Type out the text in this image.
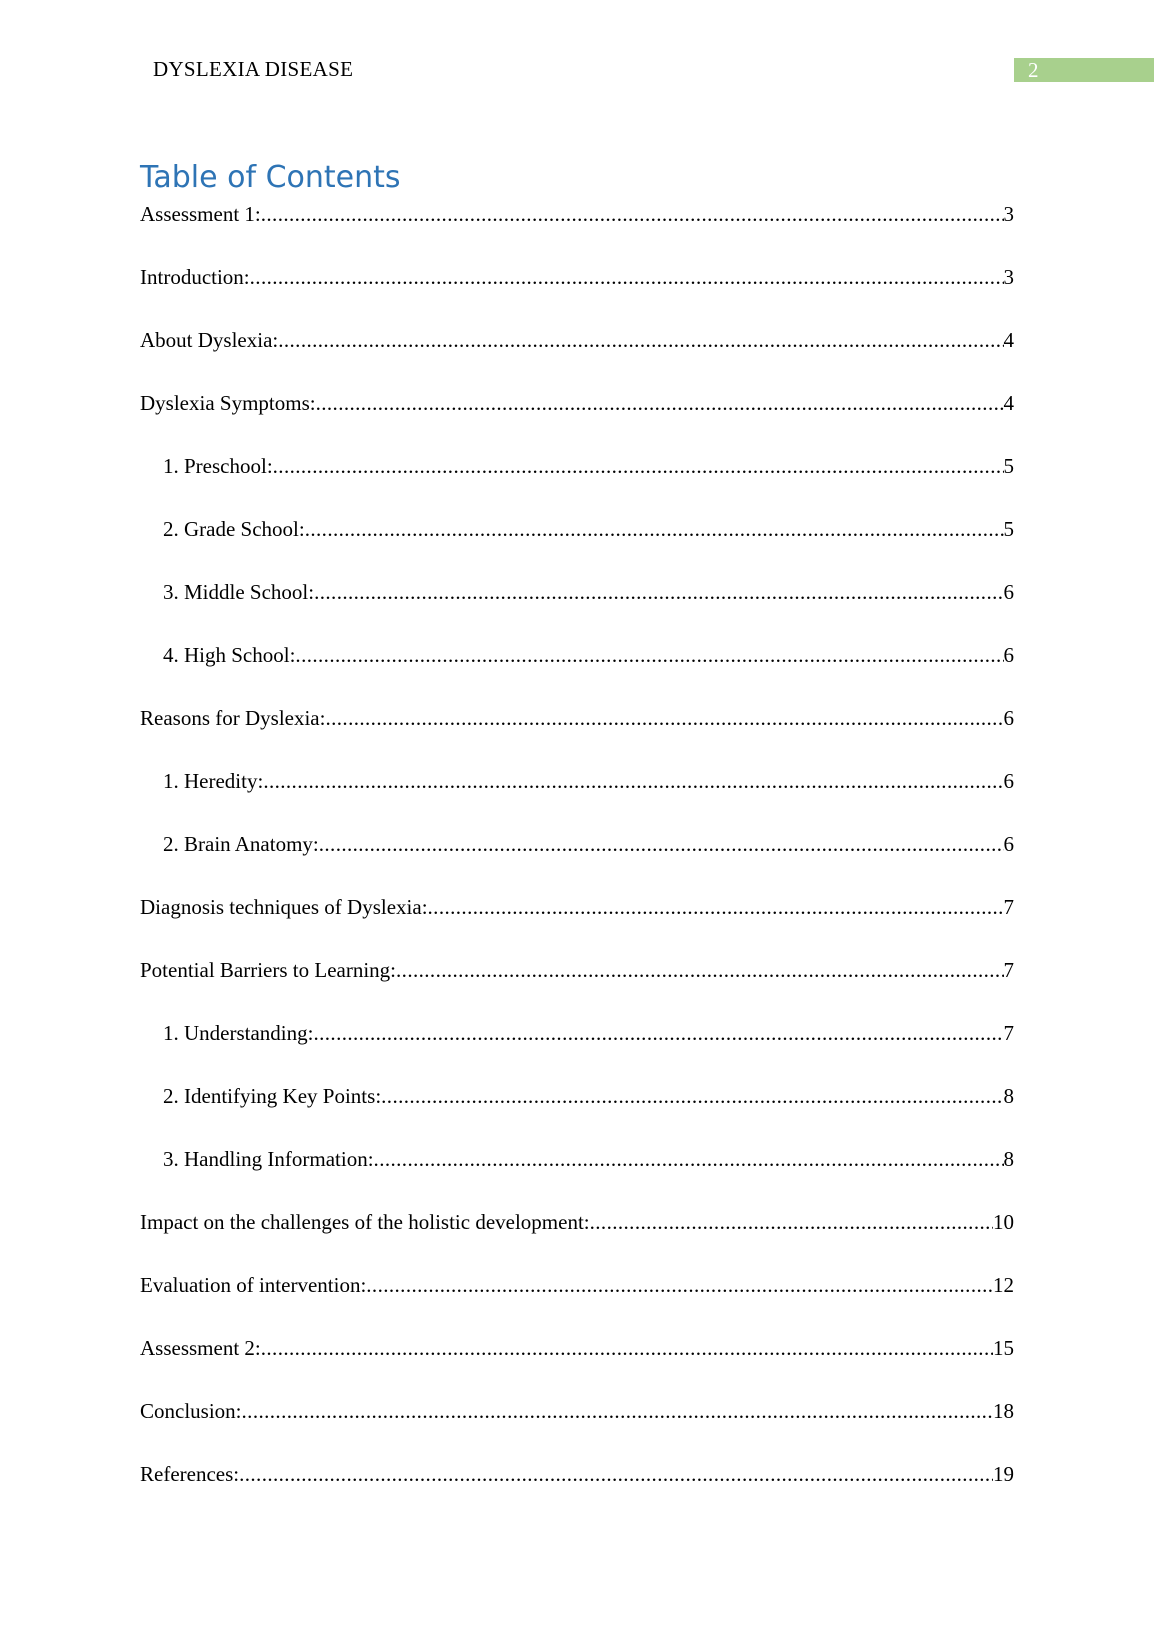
DYSLEXIA DISEASE	2
Table of Contents
Assessment 1: .....	3
Introduction: .....	3
About Dyslexia: .....	4
Dyslexia Symptoms: .....	4
1. Preschool: .....	5
2. Grade School: .....	5
3. Middle School: .....	6
4. High School: .....	6
Reasons for Dyslexia: .....	6
1. Heredity: .....	6
2. Brain Anatomy: .....	6
Diagnosis techniques of Dyslexia: .....	7
Potential Barriers to Learning: .....	7
1. Understanding: .....	7
2. Identifying Key Points: .....	8
3. Handling Information: .....	8
Impact on the challenges of the holistic development: .....	10
Evaluation of intervention: .....	12
Assessment 2: .....	15
Conclusion: .....	18
References: .....	19
